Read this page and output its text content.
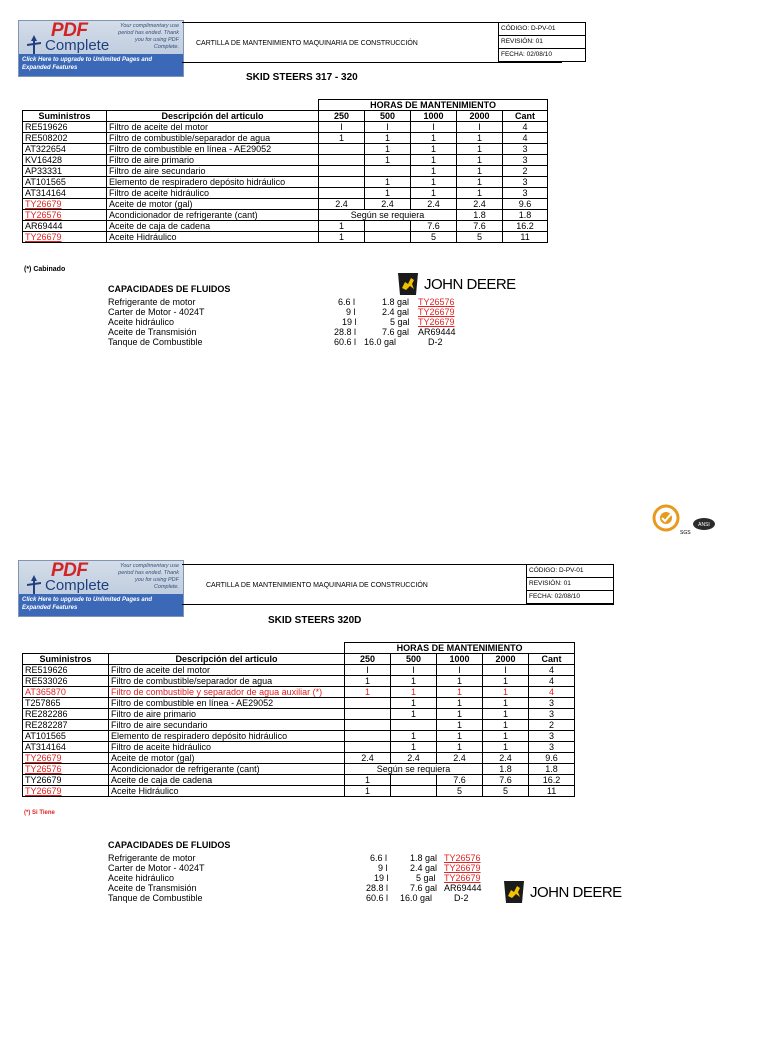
PDF
Complete
Your complimentary use period has ended. Thank you for using PDF Complete.
Click Here to upgrade to Unlimited Pages and Expanded Features
CARTILLA DE MANTENIMIENTO MAQUINARIA DE CONSTRUCCIÓN
CÓDIGO: D-PV-01
REVISIÓN: 01
FECHA: 02/08/10
SKID STEERS 317 - 320
		HORAS DE MANTENIMIENTO				
Suministros	Descripción del articulo	250	500	1000	2000	Cant
RE519626	Filtro de aceite del motor	I	I	I	I	4
RE508202	Filtro de combustible/separador de agua	1	1	1	1	4
AT322654	Filtro de combustible en línea - AE29052		1	1	1	3
KV16428	Filtro de aire primario		1	1	1	3
AP33331	Filtro de aire secundario			1	1	2
AT101565	Elemento de respiradero depósito hidráulico		1	1	1	3
AT314164	Filtro de aceite hidráulico		1	1	1	3
TY26679	Aceite de motor (gal)	2.4	2.4	2.4	2.4	9.6
TY26576	Acondicionador de refrigerante (cant)	Según se requiera			1.8	1.8
AR69444	Aceite de caja de cadena	1		7.6	7.6	16.2
TY26679	Aceite Hidráulico	1		5	5	11
(*) Cabinado
CAPACIDADES DE FLUIDOS
Refrigerante de motor	6.6 l	1.8 gal TY26576
Carter de Motor - 4024T	9 l	2.4 gal TY26679
Aceite hidráulico	19 l	5 gal TY26679
Aceite de Transmisión	28.8 l	7.6 gal AR69444
Tanque de Combustible	60.6 l 16.0 gal	D-2
JOHN DEERE
ANSI
SGS
PDF
Complete
Your complimentary use period has ended. Thank you for using PDF Complete.
Click Here to upgrade to Unlimited Pages and Expanded Features
CARTILLA DE MANTENIMIENTO MAQUINARIA DE CONSTRUCCIÓN
CÓDIGO: D-PV-01
REVISIÓN: 01
FECHA: 02/08/10
SKID STEERS 320D
		HORAS DE MANTENIMIENTO				
Suministros	Descripción del articulo	250	500	1000	2000	Cant
RE519626	Filtro de aceite del motor	I	I	I	I	4
RE533026	Filtro de combustible/separador de agua	1	1	1	1	4
AT365870	Filtro de combustible y separador de agua auxiliar (*)	1	1	1	1	4
T257865	Filtro de combustible en línea - AE29052		1	1	1	3
RE282286	Filtro de aire primario		1	1	1	3
RE282287	Filtro de aire secundario			1	1	2
AT101565	Elemento de respiradero depósito hidráulico		1	1	1	3
AT314164	Filtro de aceite hidráulico		1	1	1	3
TY26679	Aceite de motor (gal)	2.4	2.4	2.4	2.4	9.6
TY26576	Acondicionador de refrigerante (cant)	Según se requiera			1.8	1.8
TY26679	Aceite de caja de cadena	1		7.6	7.6	16.2
TY26679	Aceite Hidráulico	1		5	5	11
(*) Si Tiene
CAPACIDADES DE FLUIDOS
Refrigerante de motor	6.6 l	1.8 gal TY26576
Carter de Motor - 4024T	9 l 2.4 gal TY26679
Aceite hidráulico	19 l	5 gal TY26679
Aceite de Transmisión	28.8 l 7.6 gal AR69444
Tanque de Combustible	60.6 l 16.0 gal D-2	JOHN DEERE
